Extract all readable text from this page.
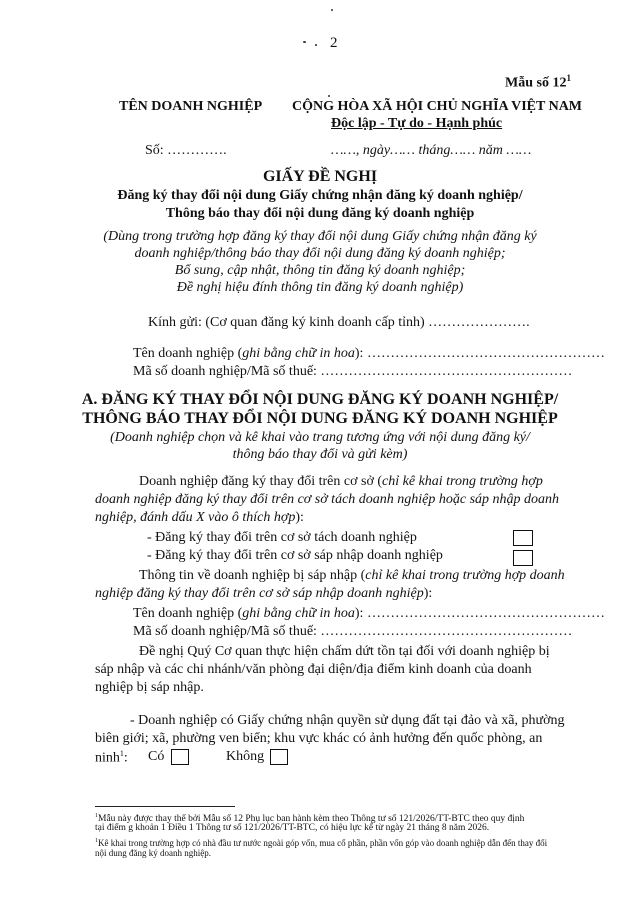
2
Mẫu số $12^1$
TÊN DOANH NGHIỆP CỘNG HÒA XÃ HỘI CHỦ NGHĨA VIỆT NAM
Độc lập - Tự do - Hạnh phúc
Số: ………….	……, ngày…… tháng…… năm ……
GIẤY ĐỀ NGHỊ
Đăng ký thay đổi nội dung Giấy chứng nhận đăng ký doanh nghiệp/
Thông báo thay đổi nội dung đăng ký doanh nghiệp
(Dùng trong trường hợp đăng ký thay đổi nội dung Giấy chứng nhận đăng ký
doanh nghiệp/thông báo thay đổi nội dung đăng ký doanh nghiệp;
Bổ sung, cập nhật, thông tin đăng ký doanh nghiệp;
Đề nghị hiệu đính thông tin đăng ký doanh nghiệp)
Kính gửi: (Cơ quan đăng ký kinh doanh cấp tỉnh) ………………….
Tên doanh nghiệp (ghi bằng chữ in hoa): ……………………………………………
Mã số doanh nghiệp/Mã số thuế: ………………………………………………
A. ĐĂNG KÝ THAY ĐỔI NỘI DUNG ĐĂNG KÝ DOANH NGHIỆP/
THÔNG BÁO THAY ĐỔI NỘI DUNG ĐĂNG KÝ DOANH NGHIỆP
(Doanh nghiệp chọn và kê khai vào trang tương ứng với nội dung đăng ký/
thông báo thay đổi và gửi kèm)
Doanh nghiệp đăng ký thay đổi trên cơ sở (chỉ kê khai trong trường hợp
doanh nghiệp đăng ký thay đổi trên cơ sở tách doanh nghiệp hoặc sáp nhập doanh
nghiệp, đánh dấu X vào ô thích hợp):
- Đăng ký thay đổi trên cơ sở tách doanh nghiệp
- Đăng ký thay đổi trên cơ sở sáp nhập doanh nghiệp
Thông tin về doanh nghiệp bị sáp nhập (chỉ kê khai trong trường hợp doanh
nghiệp đăng ký thay đổi trên cơ sở sáp nhập doanh nghiệp):
Tên doanh nghiệp (ghi bằng chữ in hoa): ……………………………………………
Mã số doanh nghiệp/Mã số thuế: ………………………………………………
Đề nghị Quý Cơ quan thực hiện chấm dứt tồn tại đối với doanh nghiệp bị
sáp nhập và các chi nhánh/văn phòng đại diện/địa điểm kinh doanh của doanh
nghiệp bị sáp nhập.
- Doanh nghiệp có Giấy chứng nhận quyền sử dụng đất tại đảo và xã, phường
biên giới; xã, phường ven biển; khu vực khác có ảnh hưởng đến quốc phòng, an
ninh$^1$: Có	Không
$^1$Mẫu này được thay thế bởi Mẫu số 12 Phụ lục ban hành kèm theo Thông tư số 121/2026/TT-BTC theo quy định
tại điểm g khoản 1 Điều 1 Thông tư số 121/2026/TT-BTC, có hiệu lực kể từ ngày 21 tháng 8 năm 2026.
$^1$Kê khai trong trường hợp có nhà đầu tư nước ngoài góp vốn, mua cổ phần, phần vốn góp vào doanh nghiệp dẫn đến thay đổi
nội dung đăng ký doanh nghiệp.
